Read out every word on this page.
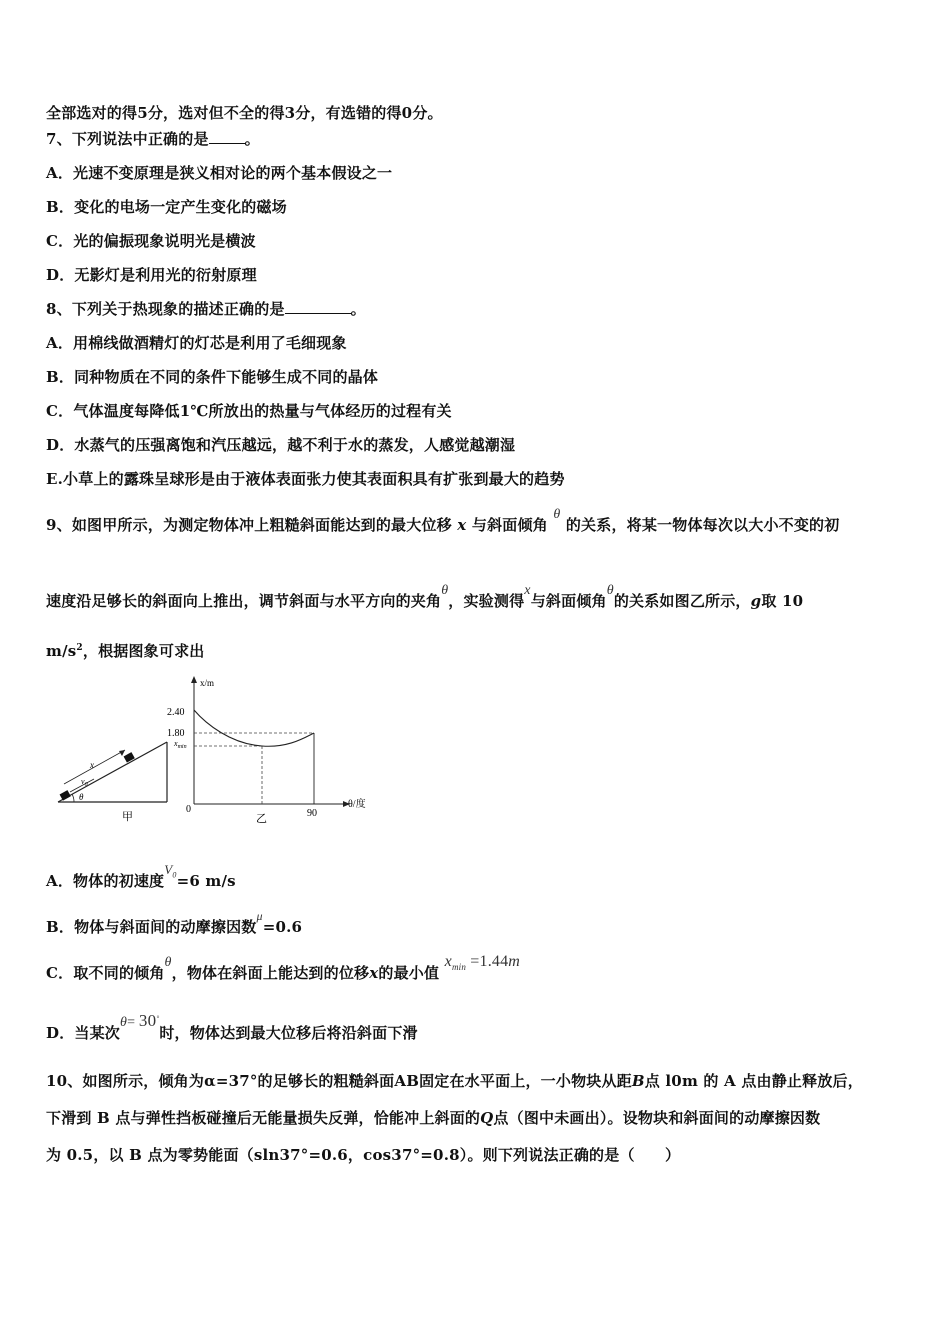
全部选对的得5分，选对但不全的得3分，有选错的得0分。
7、下列说法中正确的是 。
A．光速不变原理是狭义相对论的两个基本假设之一
B．变化的电场一定产生变化的磁场
C．光的偏振现象说明光是横波
D．无影灯是利用光的衍射原理
8、下列关于热现象的描述正确的是	。
A．用棉线做酒精灯的灯芯是利用了毛细现象
B．同种物质在不同的条件下能够生成不同的晶体
C．气体温度每降低1℃所放出的热量与气体经历的过程有关
D．水蒸气的压强离饱和汽压越远，越不利于水的蒸发，人感觉越潮湿
E.小草上的露珠呈球形是由于液体表面张力使其表面积具有扩张到最大的趋势
9、如图甲所示，为测定物体冲上粗糙斜面能达到的最大位移 x 与斜面倾角 θ 的关系，将某一物体每次以大小不变的初
速度沿足够长的斜面向上推出，调节斜面与水平方向的夹角θ，实验测得x与斜面倾角θ的关系如图乙所示，g取 10
$m/s^2$，根据图象可求出
x
$v_0$
θ
甲
x/m
θ/度
2.40
1.80
$x_{min}$
0	90
乙
A．物体的初速度$V_0=6$ m/s
B．物体与斜面间的动摩擦因数$^\mu$=0.6
C．取不同的倾角θ，物体在斜面上能达到的位移x的最小值 $x_{min} =1.44m$
D．当某次θ= 30°时，物体达到最大位移后将沿斜面下滑
10、如图所示，倾角为α=37°的足够长的粗糙斜面AB固定在水平面上，一小物块从距B点 l0m 的 A 点由静止释放后，
下滑到 B 点与弹性挡板碰撞后无能量损失反弹，恰能冲上斜面的Q点（图中未画出）。设物块和斜面间的动摩擦因数
为 0.5，以 B 点为零势能面（sln37°=0.6，cos37°=0.8）。则下列说法正确的是（　　）
